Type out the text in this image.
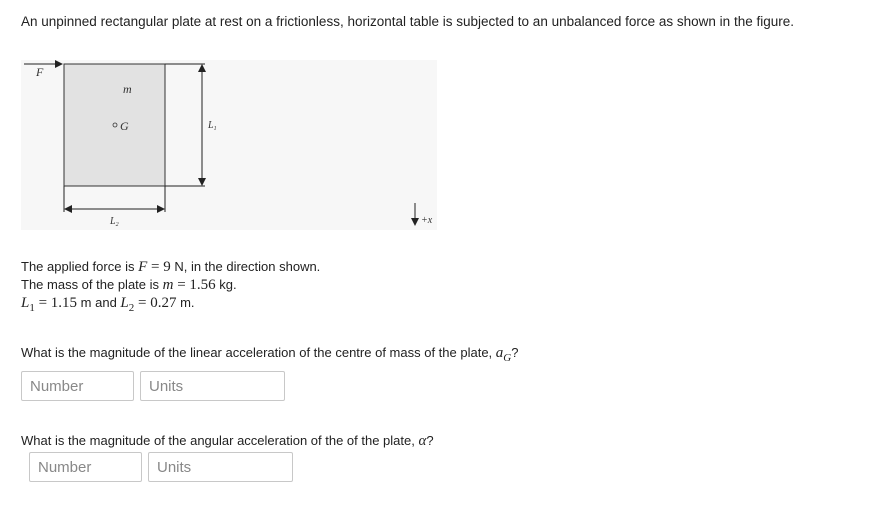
An unpinned rectangular plate at rest on a frictionless, horizontal table is subjected to an unbalanced force as shown in the figure.
F
m
G	$L_1$
$L_2$	+x
The applied force is F = 9 N, in the direction shown.
The mass of the plate is m = 1.56 kg.
$L_1 = 1.15$ m and $L_2 = 0.27$ m.
What is the magnitude of the linear acceleration of the centre of mass of the plate, $a_G$?
Number
Units
What is the magnitude of the angular acceleration of the of the plate, α?
Number
Units
